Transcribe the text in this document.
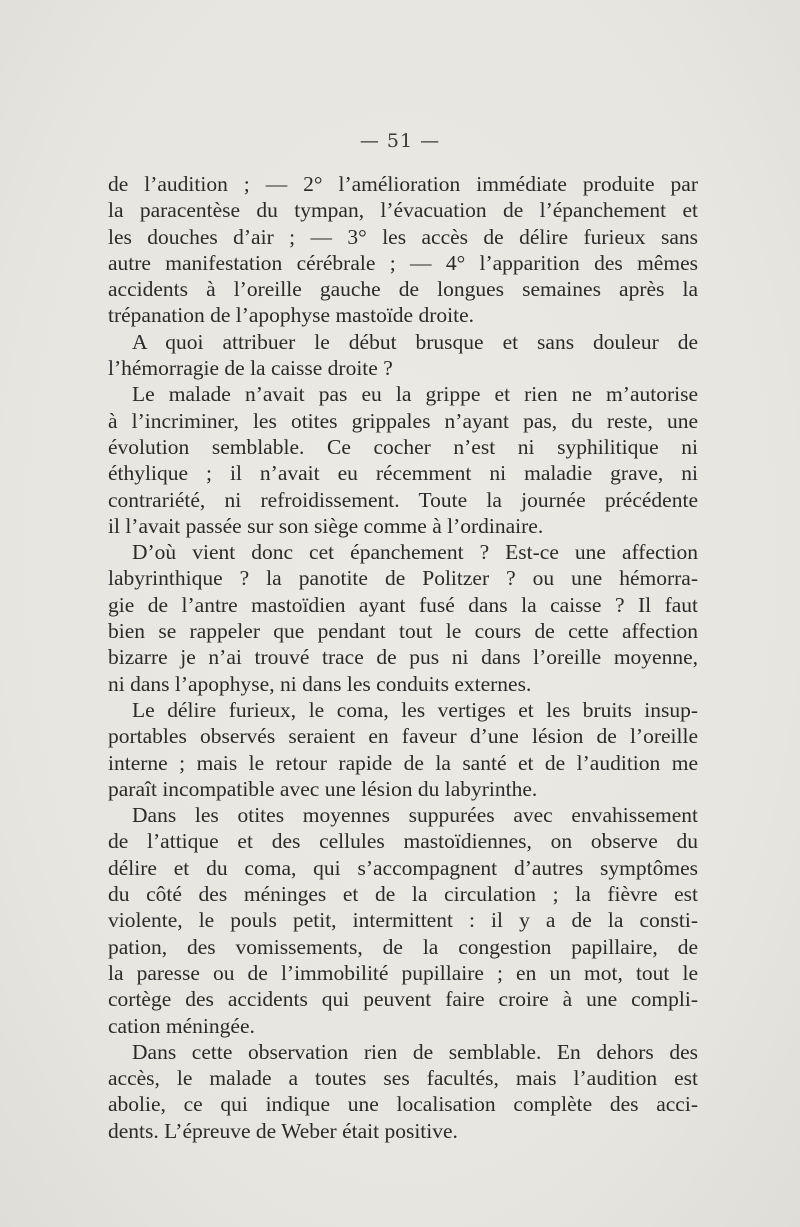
— 51 —
de l’audition ; — 2° l’amélioration immédiate produite par
la paracentèse du tympan, l’évacuation de l’épanchement et
les douches d’air ; — 3° les accès de délire furieux sans
autre manifestation cérébrale ; — 4° l’apparition des mêmes
accidents à l’oreille gauche de longues semaines après la
trépanation de l’apophyse mastoïde droite.
A quoi attribuer le début brusque et sans douleur de
l’hémorragie de la caisse droite ?
Le malade n’avait pas eu la grippe et rien ne m’autorise
à l’incriminer, les otites grippales n’ayant pas, du reste, une
évolution semblable. Ce cocher n’est ni syphilitique ni
éthylique ; il n’avait eu récemment ni maladie grave, ni
contrariété, ni refroidissement. Toute la journée précédente
il l’avait passée sur son siège comme à l’ordinaire.
D’où vient donc cet épanchement ? Est-ce une affection
labyrinthique ? la panotite de Politzer ? ou une hémorra-
gie de l’antre mastoïdien ayant fusé dans la caisse ? Il faut
bien se rappeler que pendant tout le cours de cette affection
bizarre je n’ai trouvé trace de pus ni dans l’oreille moyenne,
ni dans l’apophyse, ni dans les conduits externes.
Le délire furieux, le coma, les vertiges et les bruits insup-
portables observés seraient en faveur d’une lésion de l’oreille
interne ; mais le retour rapide de la santé et de l’audition me
paraît incompatible avec une lésion du labyrinthe.
Dans les otites moyennes suppurées avec envahissement
de l’attique et des cellules mastoïdiennes, on observe du
délire et du coma, qui s’accompagnent d’autres symptômes
du côté des méninges et de la circulation ; la fièvre est
violente, le pouls petit, intermittent : il y a de la consti-
pation, des vomissements, de la congestion papillaire, de
la paresse ou de l’immobilité pupillaire ; en un mot, tout le
cortège des accidents qui peuvent faire croire à une compli-
cation méningée.
Dans cette observation rien de semblable. En dehors des
accès, le malade a toutes ses facultés, mais l’audition est
abolie, ce qui indique une localisation complète des acci-
dents. L’épreuve de Weber était positive.
